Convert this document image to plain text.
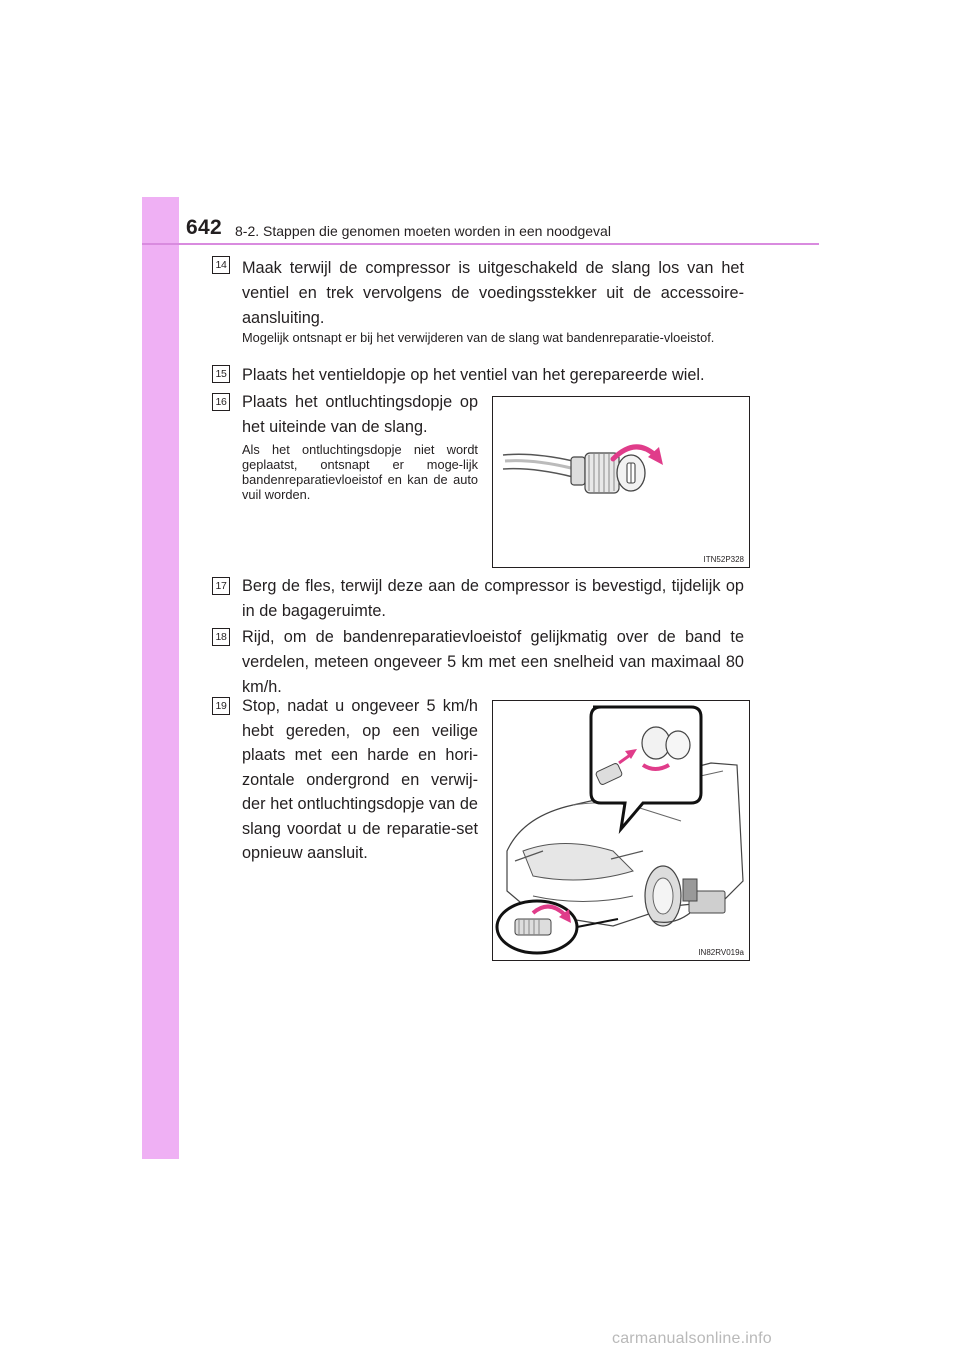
642 8-2. Stappen die genomen moeten worden in een noodgeval
14 Maak terwijl de compressor is uitgeschakeld de slang los van het ventiel en trek vervolgens de voedingsstekker uit de accessoire-aansluiting.
Mogelijk ontsnapt er bij het verwijderen van de slang wat bandenreparatie-vloeistof.
15 Plaats het ventieldopje op het ventiel van het gerepareerde wiel.
16 Plaats het ontluchtingsdopje op het uiteinde van de slang.
Als het ontluchtingsdopje niet wordt geplaatst, ontsnapt er moge-lijk bandenreparatievloeistof en kan de auto vuil worden.
ITN52P328
17 Berg de fles, terwijl deze aan de compressor is bevestigd, tijdelijk op in de bagageruimte.
18 Rijd, om de bandenreparatievloeistof gelijkmatig over de band te verdelen, meteen ongeveer 5 km met een snelheid van maximaal 80 km/h.
19 Stop, nadat u ongeveer 5 km/h hebt gereden, op een veilige plaats met een harde en hori-zontale ondergrond en verwij-der het ontluchtingsdopje van de slang voordat u de reparatie-set opnieuw aansluit.
IN82RV019a
carmanualsonline.info
